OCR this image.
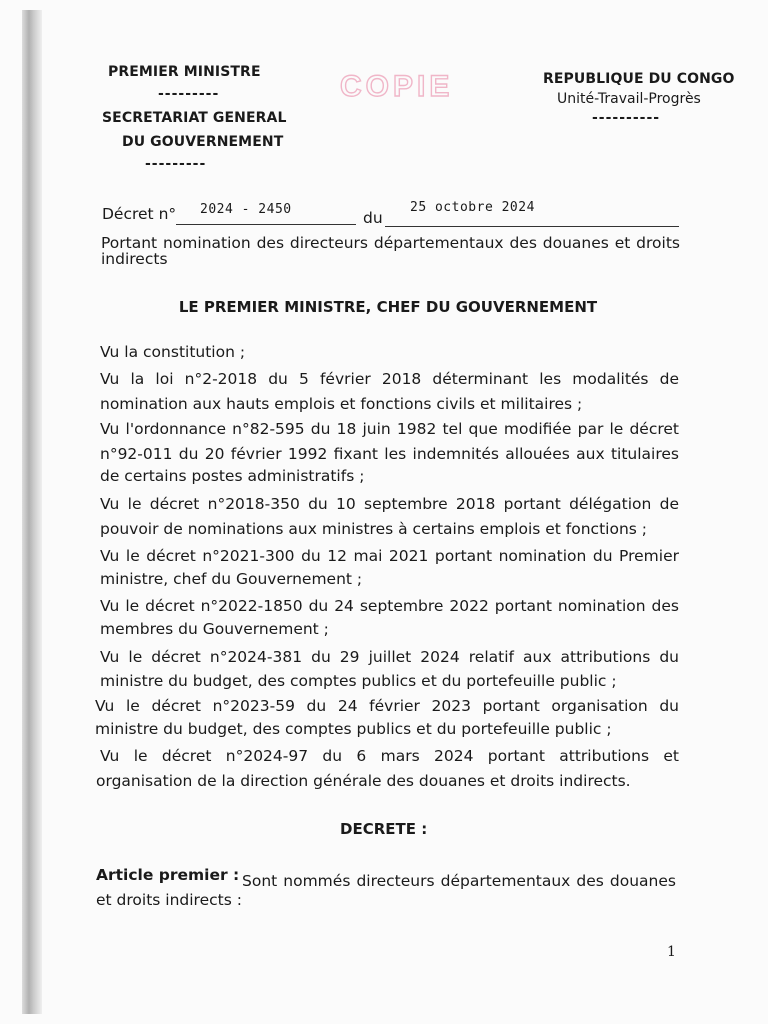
PREMIER MINISTRE
---------
SECRETARIAT GENERAL
DU GOUVERNEMENT
---------
COPIE	REPUBLIQUE DU CONGO
Unité-Travail-Progrès
----------
Décret n° 2024 - 2450	du
25 octobre 2024
Portant nomination des directeurs départementaux des douanes et droits
indirects
LE PREMIER MINISTRE, CHEF DU GOUVERNEMENT
Vu la constitution ;
Vu la loi n°2-2018 du 5 février 2018 déterminant les modalités de
nomination aux hauts emplois et fonctions civils et militaires ;
Vu l'ordonnance n°82-595 du 18 juin 1982 tel que modifiée par le décret
n°92-011 du 20 février 1992 fixant les indemnités allouées aux titulaires
de certains postes administratifs ;
Vu le décret n°2018-350 du 10 septembre 2018 portant délégation de
pouvoir de nominations aux ministres à certains emplois et fonctions ;
Vu le décret n°2021-300 du 12 mai 2021 portant nomination du Premier
ministre, chef du Gouvernement ;
Vu le décret n°2022-1850 du 24 septembre 2022 portant nomination des
membres du Gouvernement ;
Vu le décret n°2024-381 du 29 juillet 2024 relatif aux attributions du
ministre du budget, des comptes publics et du portefeuille public ;
Vu le décret n°2023-59 du 24 février 2023 portant organisation du
ministre du budget, des comptes publics et du portefeuille public ;
Vu le décret n°2024-97 du 6 mars 2024 portant attributions et
organisation de la direction générale des douanes et droits indirects.
DECRETE :
Article premier : Sont nommés directeurs départementaux des douanes
et droits indirects :
1
